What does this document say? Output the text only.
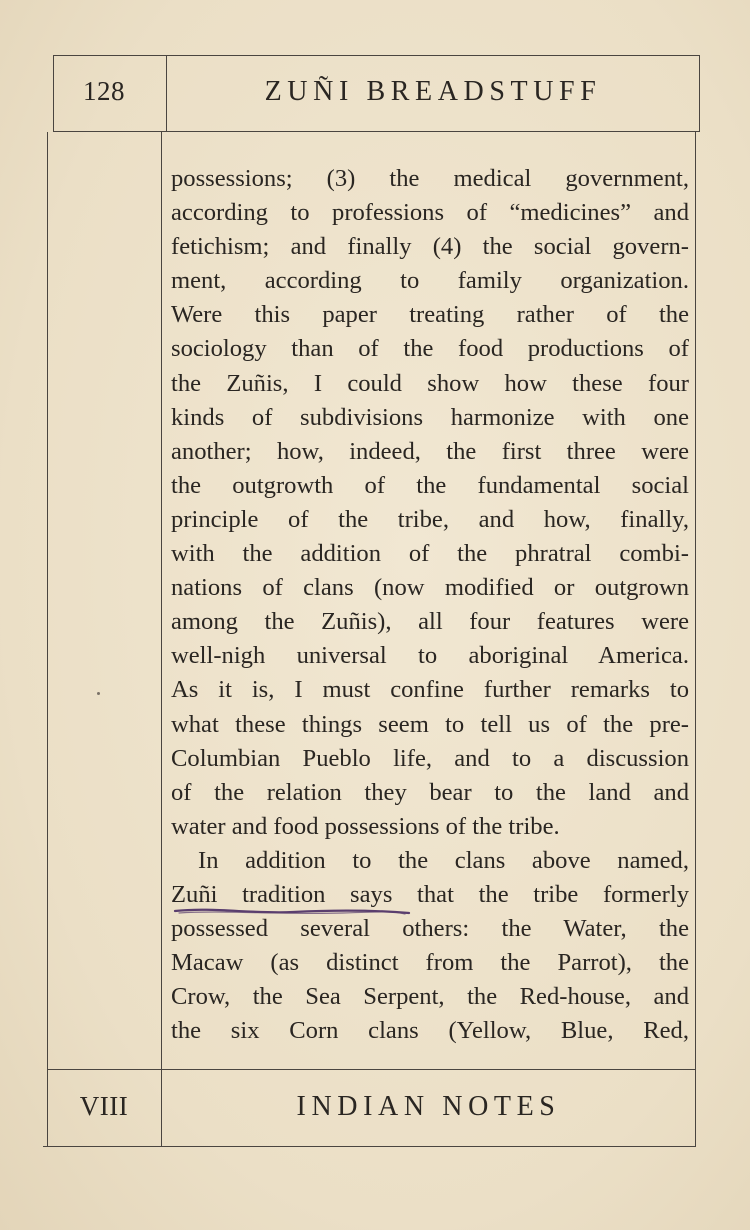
128	ZUÑI BREADSTUFF
possessions; (3) the medical government,
according to professions of “medicines” and
fetichism; and finally (4) the social govern-
ment, according to family organization.
Were this paper treating rather of the
sociology than of the food productions of
the Zuñis, I could show how these four
kinds of subdivisions harmonize with one
another; how, indeed, the first three were
the outgrowth of the fundamental social
principle of the tribe, and how, finally,
with the addition of the phratral combi-
nations of clans (now modified or outgrown
among the Zuñis), all four features were
well-nigh universal to aboriginal America.
As it is, I must confine further remarks to
what these things seem to tell us of the pre-
Columbian Pueblo life, and to a discussion
of the relation they bear to the land and
water and food possessions of the tribe.
In addition to the clans above named,
Zuñi tradition says that the tribe formerly
possessed several others: the Water, the
Macaw (as distinct from the Parrot), the
Crow, the Sea Serpent, the Red-house, and
the six Corn clans (Yellow, Blue, Red,
VIII	INDIAN NOTES
